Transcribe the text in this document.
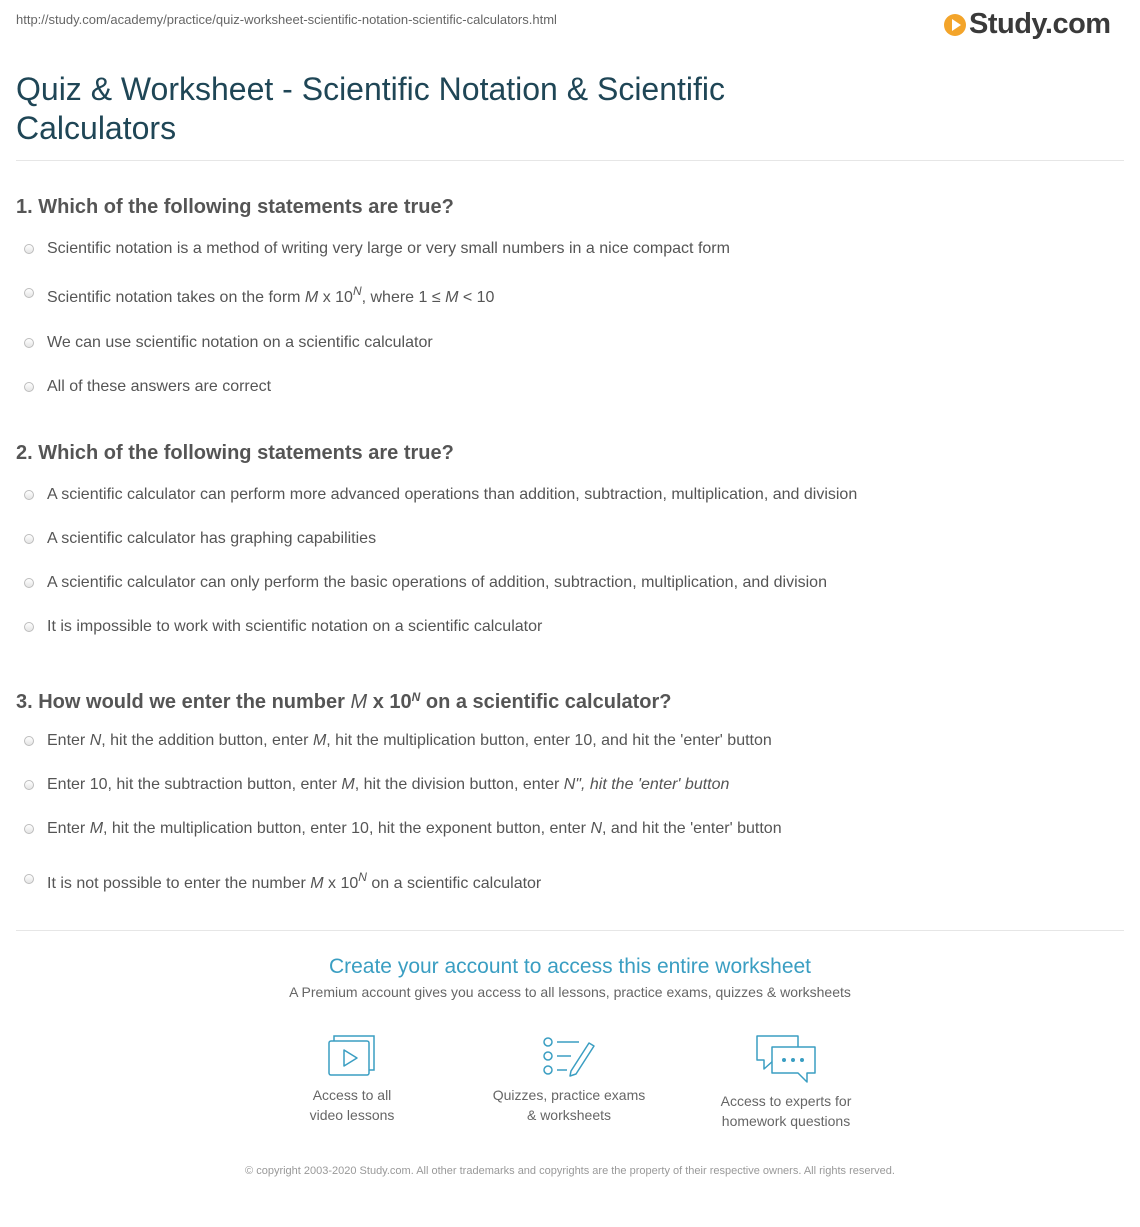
http://study.com/academy/practice/quiz-worksheet-scientific-notation-scientific-calculators.html	Study.com
Quiz & Worksheet - Scientific Notation & Scientific Calculators
1. Which of the following statements are true?
Scientific notation is a method of writing very large or very small numbers in a nice compact form
Scientific notation takes on the form M x $10^N$, where 1 ≤ M < 10
We can use scientific notation on a scientific calculator
All of these answers are correct
2. Which of the following statements are true?
A scientific calculator can perform more advanced operations than addition, subtraction, multiplication, and division
A scientific calculator has graphing capabilities
A scientific calculator can only perform the basic operations of addition, subtraction, multiplication, and division
It is impossible to work with scientific notation on a scientific calculator
3. How would we enter the number M x $10^N$ on a scientific calculator?
Enter N, hit the addition button, enter M, hit the multiplication button, enter 10, and hit the 'enter' button
Enter 10, hit the subtraction button, enter M, hit the division button, enter N", hit the 'enter' button
Enter M, hit the multiplication button, enter 10, hit the exponent button, enter N, and hit the 'enter' button
It is not possible to enter the number M x $10^N$ on a scientific calculator
Create your account to access this entire worksheet
A Premium account gives you access to all lessons, practice exams, quizzes & worksheets
Access to all
video lessons
Quizzes, practice exams
& worksheets
Access to experts for
homework questions
© copyright 2003-2020 Study.com. All other trademarks and copyrights are the property of their respective owners. All rights reserved.
